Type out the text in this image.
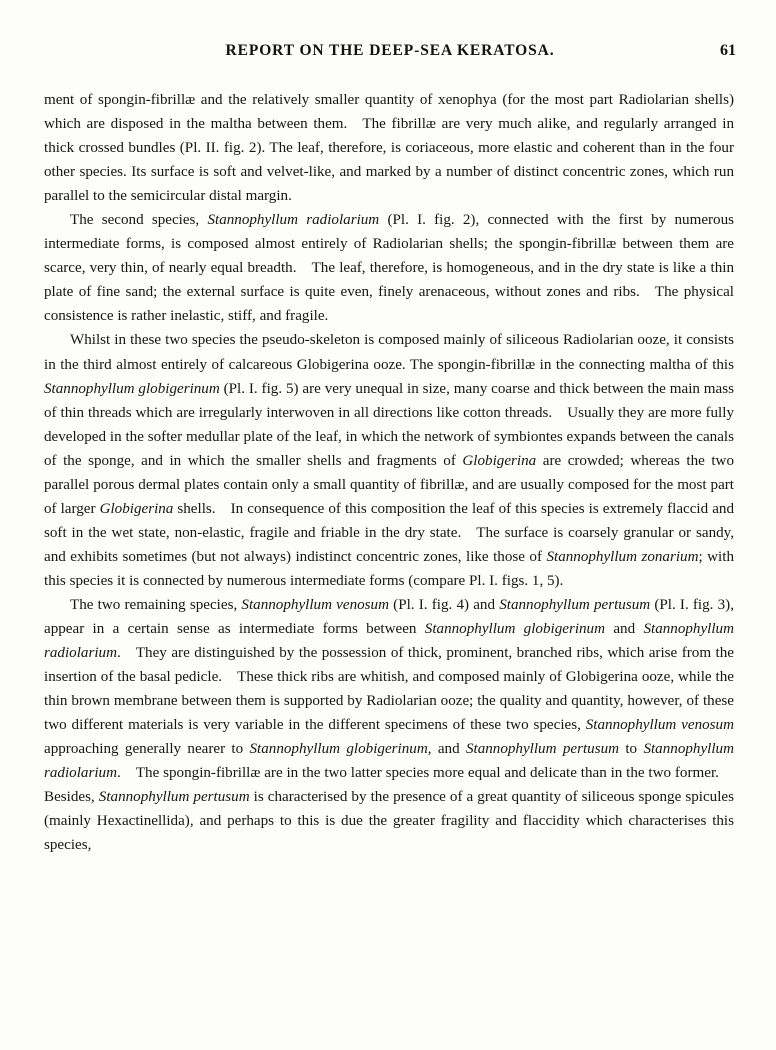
REPORT ON THE DEEP-SEA KERATOSA.	61

ment of spongin-fibrillæ and the relatively smaller quantity of xenophya (for the most part Radiolarian shells) which are disposed in the maltha between them. The fibrillæ are very much alike, and regularly arranged in thick crossed bundles (Pl. II. fig. 2). The leaf, therefore, is coriaceous, more elastic and coherent than in the four other species. Its surface is soft and velvet-like, and marked by a number of distinct concentric zones, which run parallel to the semicircular distal margin.

The second species, Stannophyllum radiolarium (Pl. I. fig. 2), connected with the first by numerous intermediate forms, is composed almost entirely of Radiolarian shells; the spongin-fibrillæ between them are scarce, very thin, of nearly equal breadth. The leaf, therefore, is homogeneous, and in the dry state is like a thin plate of fine sand; the external surface is quite even, finely arenaceous, without zones and ribs. The physical consistence is rather inelastic, stiff, and fragile.

Whilst in these two species the pseudo-skeleton is composed mainly of siliceous Radiolarian ooze, it consists in the third almost entirely of calcareous Globigerina ooze. The spongin-fibrillæ in the connecting maltha of this Stannophyllum globigerinum (Pl. I. fig. 5) are very unequal in size, many coarse and thick between the main mass of thin threads which are irregularly interwoven in all directions like cotton threads. Usually they are more fully developed in the softer medullar plate of the leaf, in which the network of symbiontes expands between the canals of the sponge, and in which the smaller shells and fragments of Globigerina are crowded; whereas the two parallel porous dermal plates contain only a small quantity of fibrillæ, and are usually composed for the most part of larger Globigerina shells. In consequence of this composition the leaf of this species is extremely flaccid and soft in the wet state, non-elastic, fragile and friable in the dry state. The surface is coarsely granular or sandy, and exhibits sometimes (but not always) indistinct concentric zones, like those of Stannophyllum zonarium; with this species it is connected by numerous intermediate forms (compare Pl. I. figs. 1, 5).

The two remaining species, Stannophyllum venosum (Pl. I. fig. 4) and Stannophyllum pertusum (Pl. I. fig. 3), appear in a certain sense as intermediate forms between Stannophyllum globigerinum and Stannophyllum radiolarium. They are distinguished by the possession of thick, prominent, branched ribs, which arise from the insertion of the basal pedicle. These thick ribs are whitish, and composed mainly of Globigerina ooze, while the thin brown membrane between them is supported by Radiolarian ooze; the quality and quantity, however, of these two different materials is very variable in the different specimens of these two species, Stannophyllum venosum approaching generally nearer to Stannophyllum globigerinum, and Stannophyllum pertusum to Stannophyllum radiolarium. The spongin-fibrillæ are in the two latter species more equal and delicate than in the two former. Besides, Stannophyllum pertusum is characterised by the presence of a great quantity of siliceous sponge spicules (mainly Hexactinellida), and perhaps to this is due the greater fragility and flaccidity which characterises this species,
